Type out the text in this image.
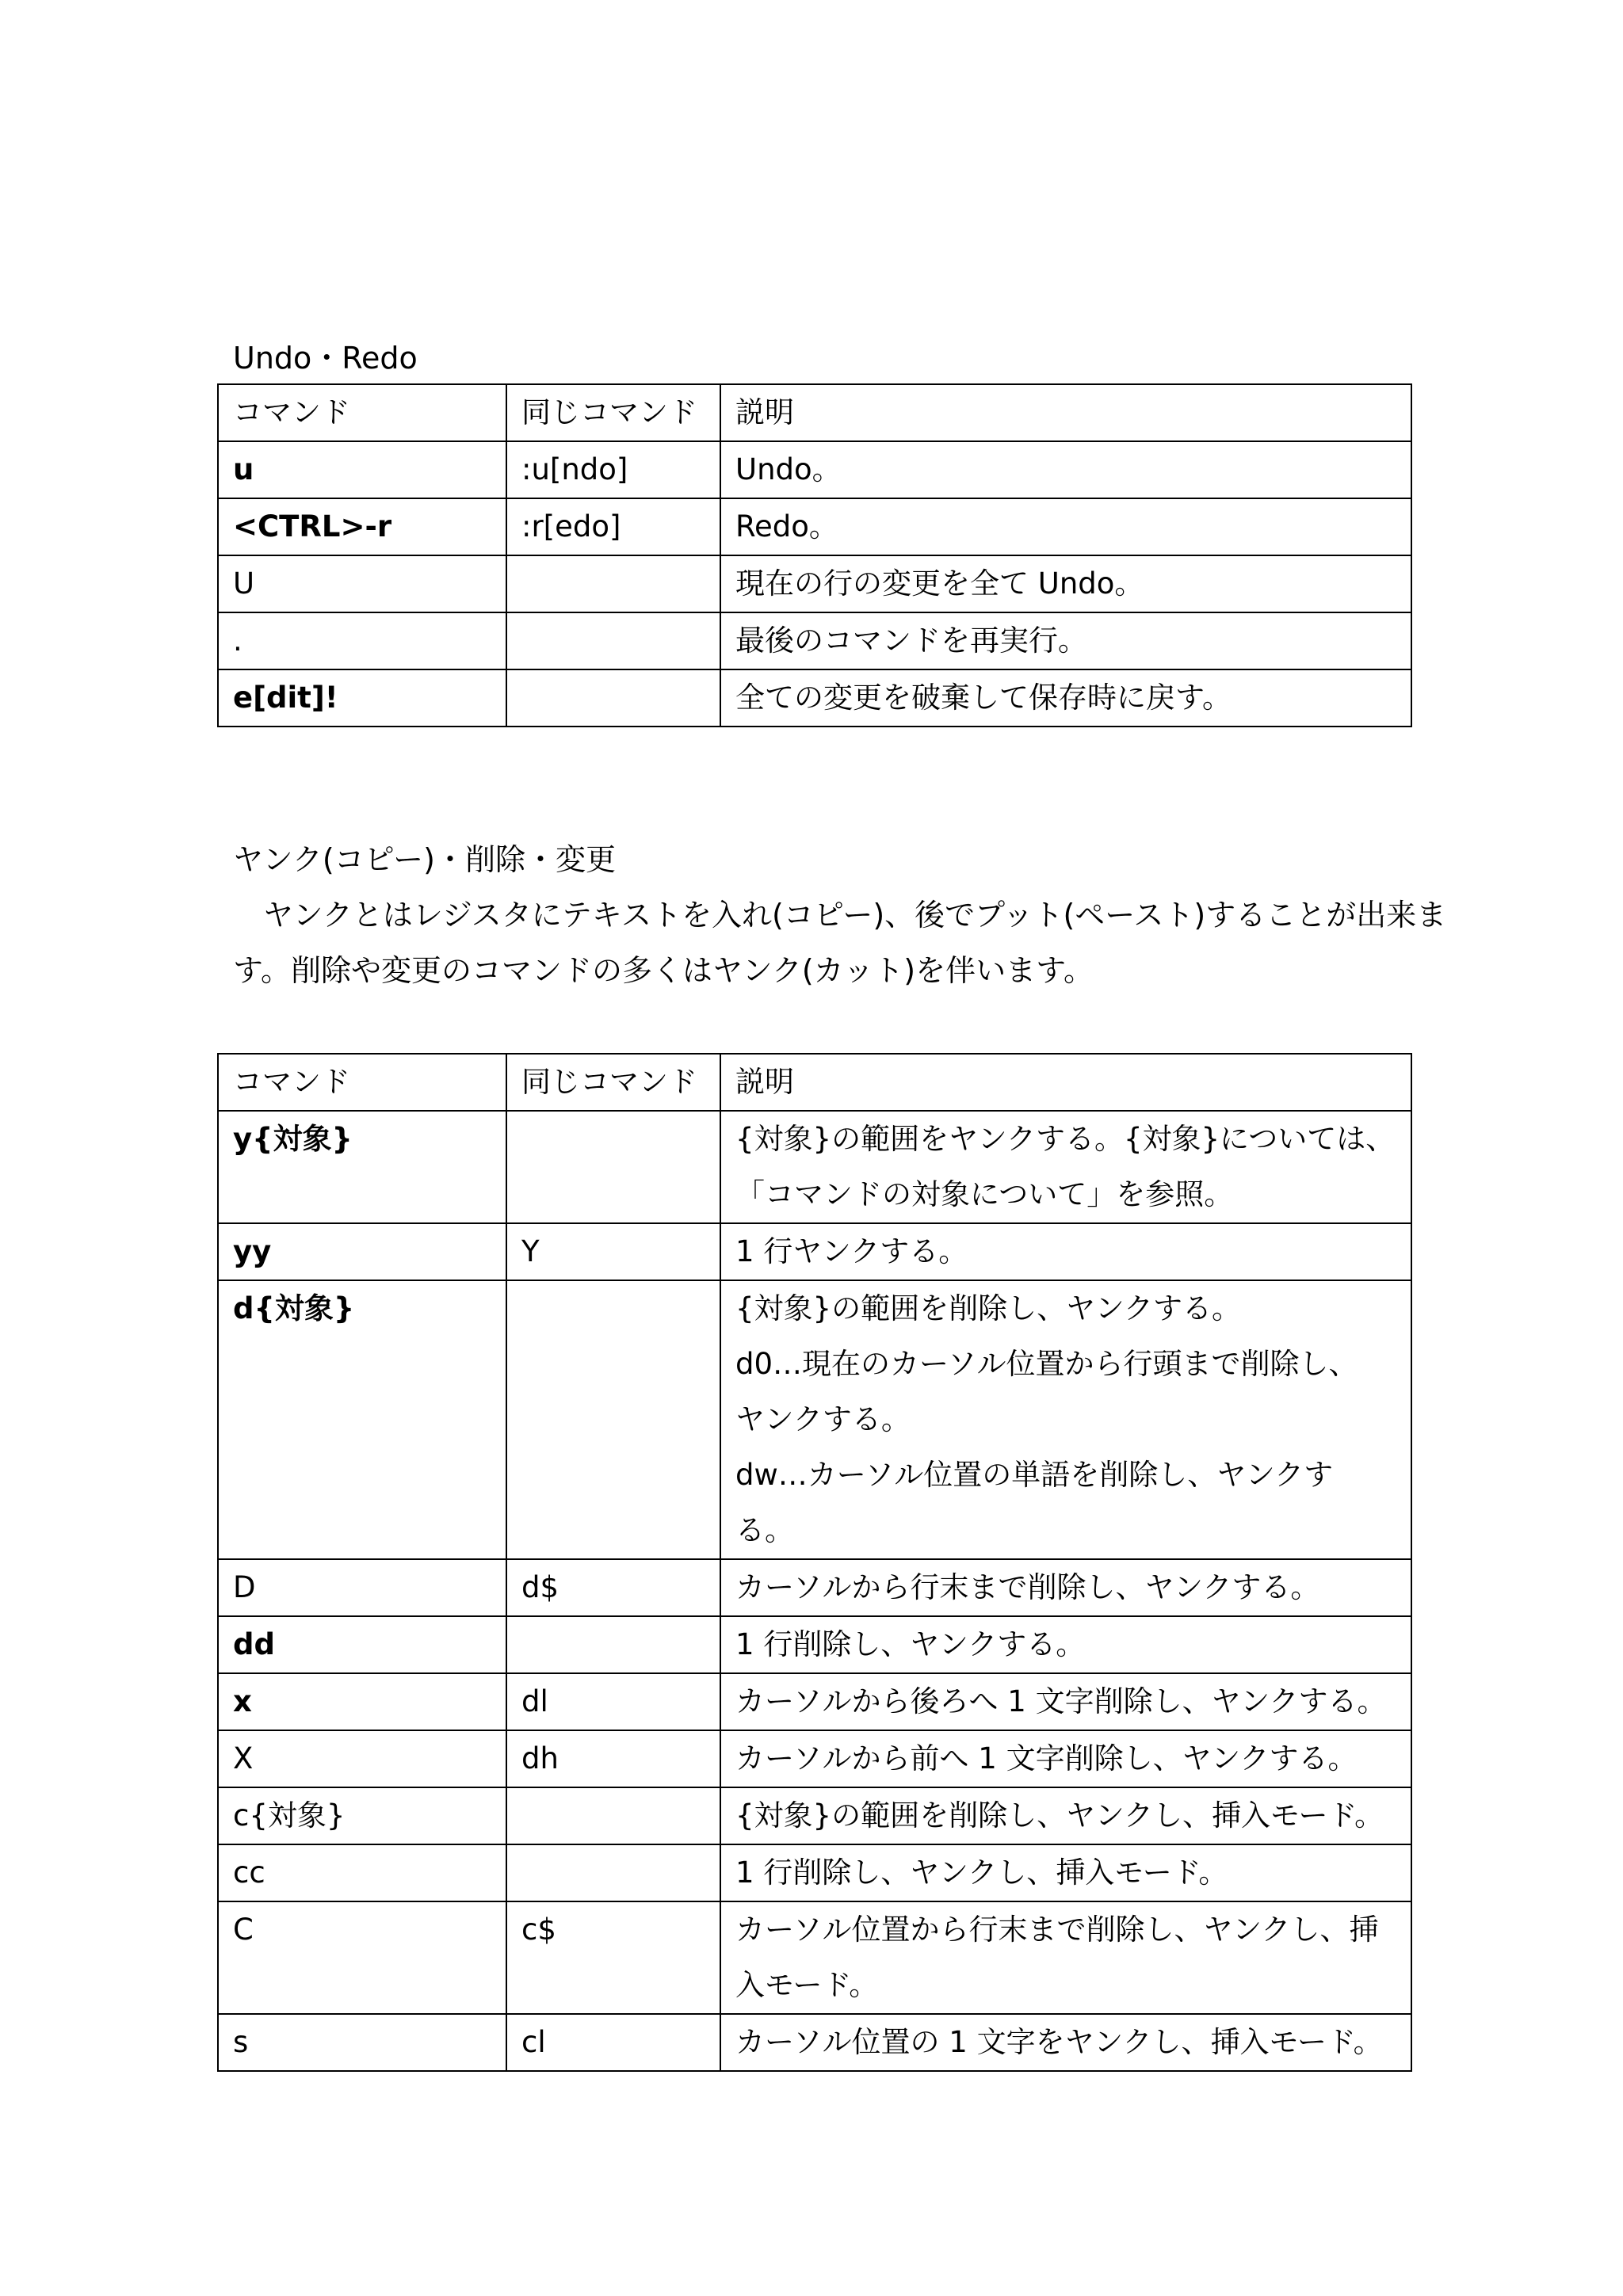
Undo・Redo
コマンド	同じコマンド	説明
u	:u[ndo]	Undo。

<CTRL>-r	:r[edo]	Redo。

U		現在の行の変更を全て Undo。

.		最後のコマンドを再実行。

e[dit]!		全ての変更を破棄して保存時に戻す。
ヤンク(コピー)・削除・変更
　ヤンクとはレジスタにテキストを入れ(コピー)、後でプット(ペースト)することが出来ま
す。削除や変更のコマンドの多くはヤンク(カット)を伴います。
コマンド	同じコマンド	説明
y{対象}		{対象}の範囲をヤンクする。{対象}については、
「コマンドの対象について」を参照。

yy	Y	1 行ヤンクする。

d{対象}		{対象}の範囲を削除し、ヤンクする。
d0…現在のカーソル位置から行頭まで削除し、
ヤンクする。
dw…カーソル位置の単語を削除し、ヤンクす
る。

D	d$	カーソルから行末まで削除し、ヤンクする。

dd		1 行削除し、ヤンクする。

x	dl	カーソルから後ろへ 1 文字削除し、ヤンクする。

X	dh	カーソルから前へ 1 文字削除し、ヤンクする。

c{対象}		{対象}の範囲を削除し、ヤンクし、挿入モード。

cc		1 行削除し、ヤンクし、挿入モード。

C	c$	カーソル位置から行末まで削除し、ヤンクし、挿
入モード。

s	cl	カーソル位置の 1 文字をヤンクし、挿入モード。
